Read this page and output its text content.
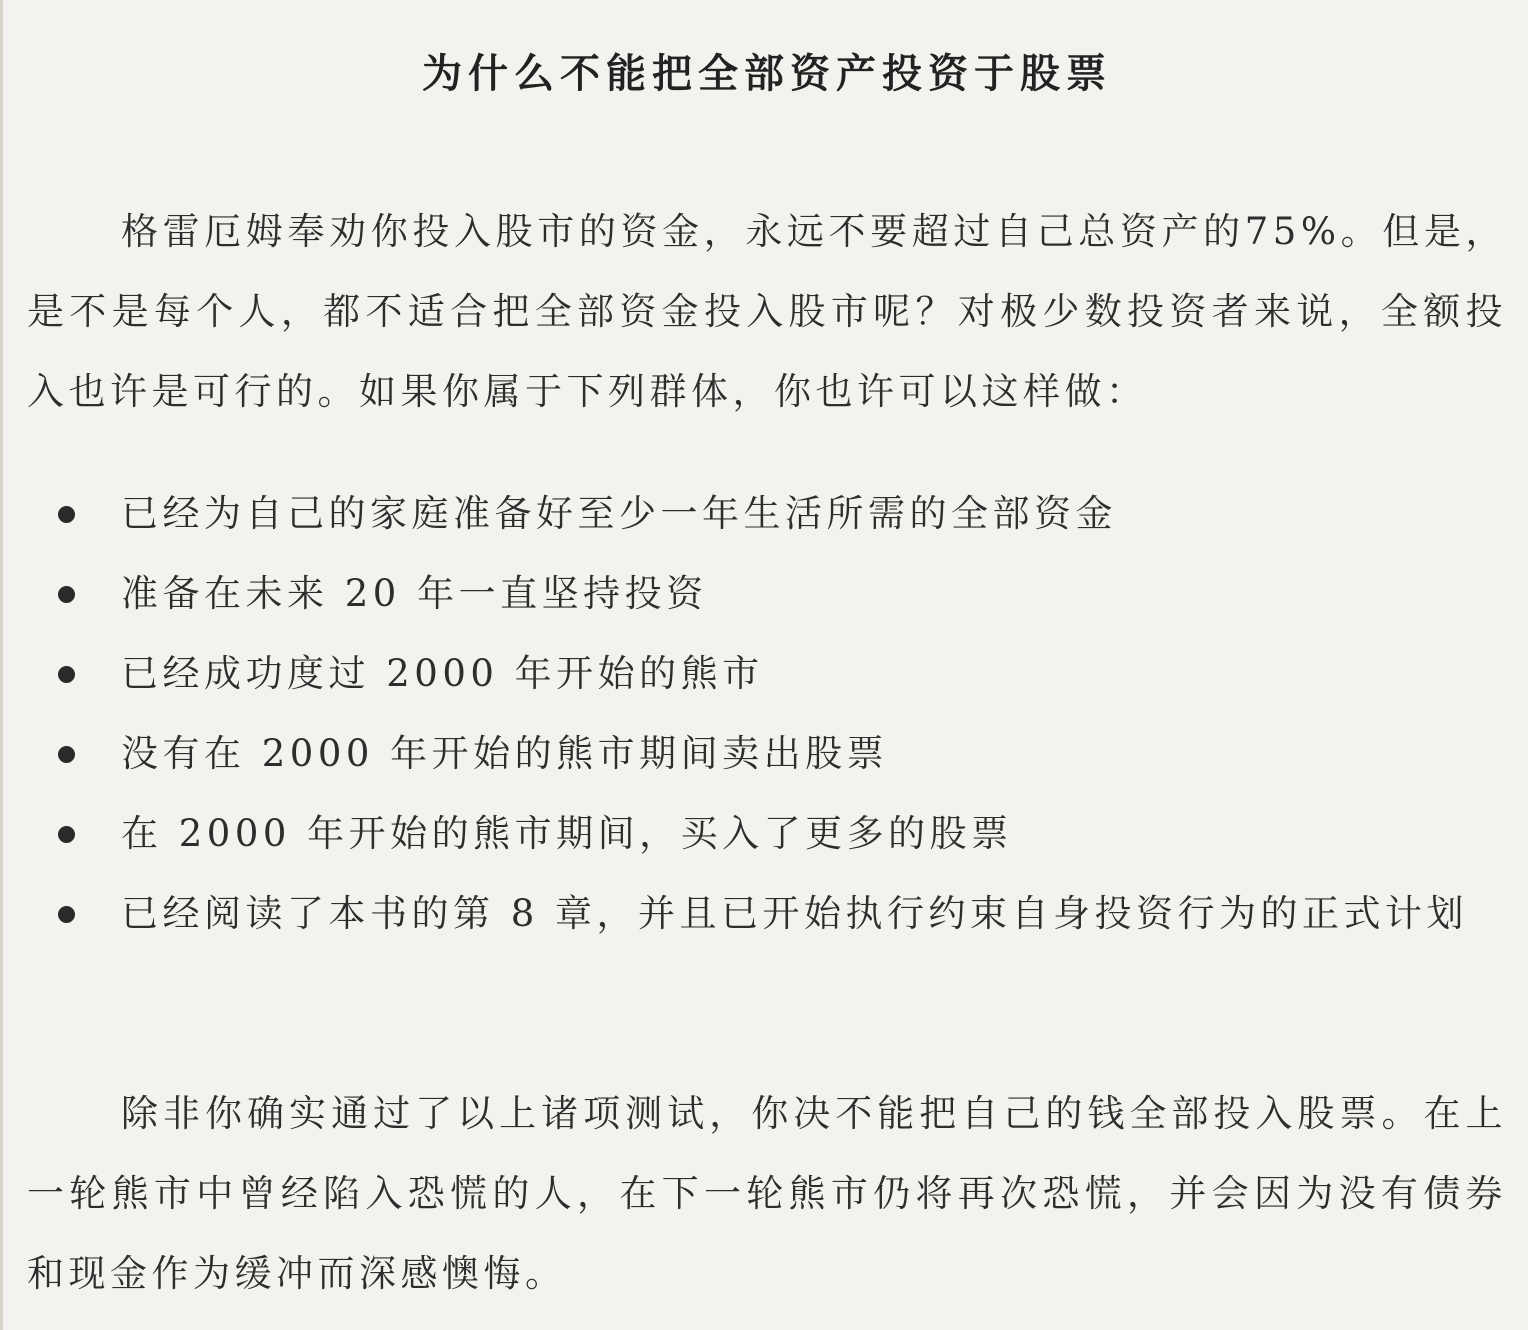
为什么不能把全部资产投资于股票

格雷厄姆奉劝你投入股市的资金，永远不要超过自己总资产的75%。但是，是不是每个人，都不适合把全部资金投入股市呢？对极少数投资者来说，全额投入也许是可行的。如果你属于下列群体，你也许可以这样做：

已经为自己的家庭准备好至少一年生活所需的全部资金
准备在未来 20 年一直坚持投资
已经成功度过 2000 年开始的熊市
没有在 2000 年开始的熊市期间卖出股票
在 2000 年开始的熊市期间，买入了更多的股票
已经阅读了本书的第 8 章，并且已开始执行约束自身投资行为的正式计划

除非你确实通过了以上诸项测试，你决不能把自己的钱全部投入股票。在上一轮熊市中曾经陷入恐慌的人，在下一轮熊市仍将再次恐慌，并会因为没有债券和现金作为缓冲而深感懊悔。
